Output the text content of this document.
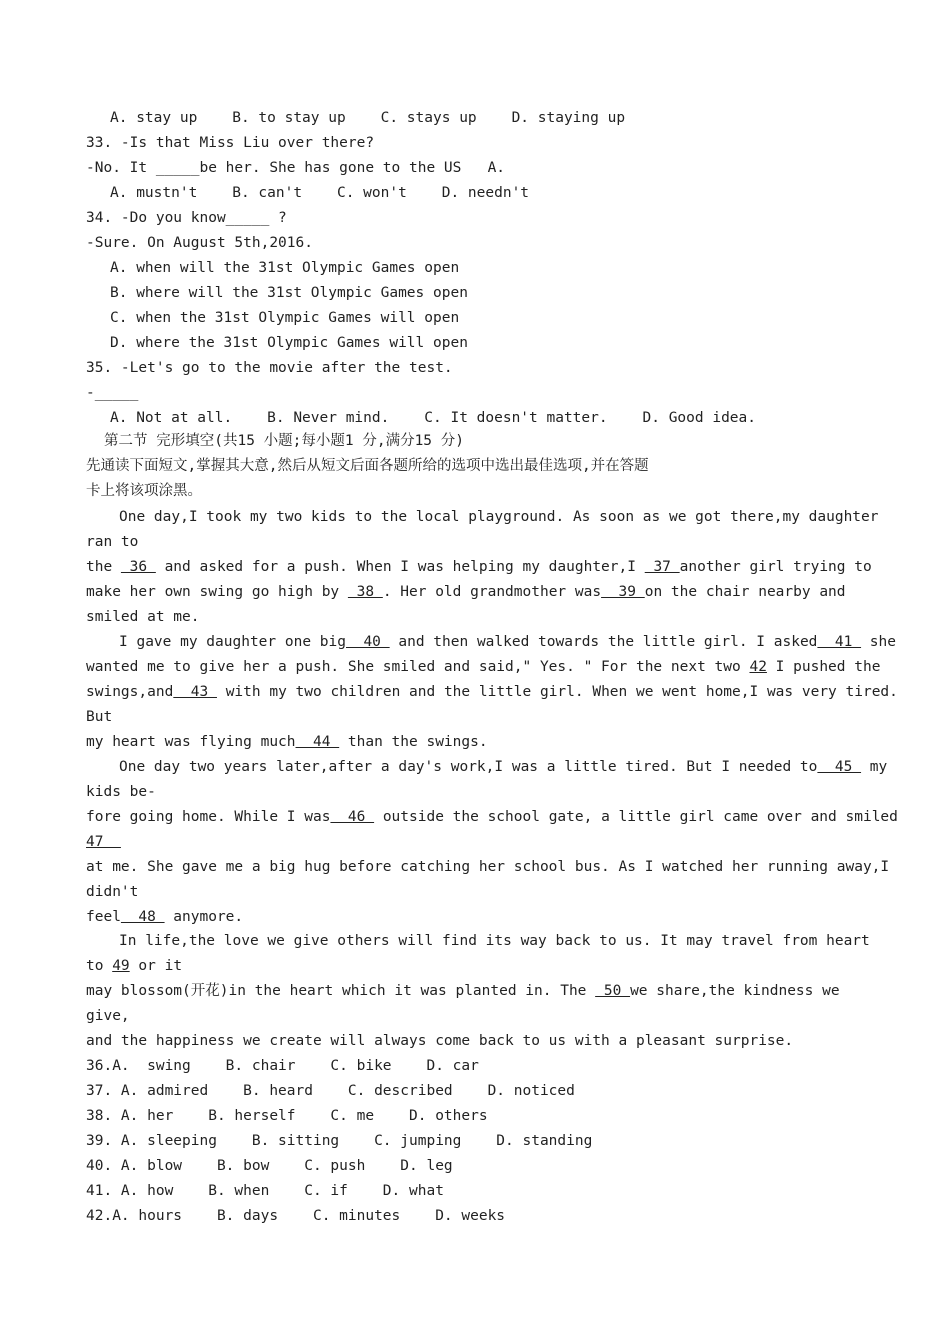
A. stay up    B. to stay up    C. stays up    D. staying up
33. -Is that Miss Liu over there?
-No. It _____be her. She has gone to the US   A.
A. mustn't    B. can't    C. won't    D. needn't
34. -Do you know_____ ?
-Sure. On August 5th,2016.
A. when will the 31st Olympic Games open
B. where will the 31st Olympic Games open
C. when the 31st Olympic Games will open
D. where the 31st Olympic Games will open
35. -Let's go to the movie after the test.
-_____
A. Not at all.    B. Never mind.    C. It doesn't matter.    D. Good idea.
第二节 完形填空(共15 小题;每小题1 分,满分15 分)
先通读下面短文,掌握其大意,然后从短文后面各题所给的选项中选出最佳选项,并在答题
卡上将该项涂黑。
One day,I took my two kids to the local playground. As soon as we got there,my daughter
ran to
the  36  and asked for a push. When I was helping my daughter,I  37 another girl trying to
make her own swing go high by  38 . Her old grandmother was  39 on the chair nearby and
smiled at me.
I gave my daughter one big  40  and then walked towards the little girl. I asked  41  she
wanted me to give her a push. She smiled and said," Yes. " For the next two 42 I pushed the
swings,and  43  with my two children and the little girl. When we went home,I was very tired.
But
my heart was flying much  44  than the swings.
One day two years later,after a day's work,I was a little tired. But I needed to  45  my
kids be-
fore going home. While I was  46  outside the school gate, a little girl came over and smiled
47
at me. She gave me a big hug before catching her school bus. As I watched her running away,I
didn't
feel  48  anymore.
In life,the love we give others will find its way back to us. It may travel from heart
to 49 or it
may blossom(开花)in the heart which it was planted in. The  50 we share,the kindness we
give,
and the happiness we create will always come back to us with a pleasant surprise.
36.A.  swing    B. chair    C. bike    D. car
37. A. admired    B. heard    C. described    D. noticed
38. A. her    B. herself    C. me    D. others
39. A. sleeping    B. sitting    C. jumping    D. standing
40. A. blow    B. bow    C. push    D. leg
41. A. how    B. when    C. if    D. what
42.A. hours    B. days    C. minutes    D. weeks
